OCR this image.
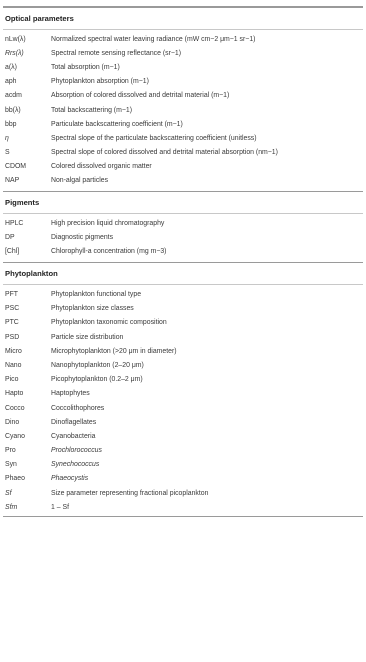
Optical parameters
nLw(λ)	Normalized spectral water leaving radiance (mW cm−2 μm−1 sr−1)
Rrs(λ)	Spectral remote sensing reflectance (sr−1)
a(λ)	Total absorption (m−1)
aph	Phytoplankton absorption (m−1)
acdm	Absorption of colored dissolved and detrital material (m−1)
bb(λ)	Total backscattering (m−1)
bbp	Particulate backscattering coefficient (m−1)
η	Spectral slope of the particulate backscattering coefficient (unitless)
S	Spectral slope of colored dissolved and detrital material absorption (nm−1)
CDOM	Colored dissolved organic matter
NAP	Non-algal particles
Pigments
HPLC	High precision liquid chromatography
DP	Diagnostic pigments
[Chl]	Chlorophyll-a concentration (mg m−3)
Phytoplankton
PFT	Phytoplankton functional type
PSC	Phytoplankton size classes
PTC	Phytoplankton taxonomic composition
PSD	Particle size distribution
Micro	Microphytoplankton (>20 μm in diameter)
Nano	Nanophytoplankton (2–20 μm)
Pico	Picophytoplankton (0.2–2 μm)
Hapto	Haptophytes
Cocco	Coccolithophores
Dino	Dinoflagellates
Cyano	Cyanobacteria
Pro	Prochlorococcus
Syn	Synechococcus
Phaeo	Phaeocystis
Sf	Size parameter representing fractional picoplankton
Sfm	1 – Sf
